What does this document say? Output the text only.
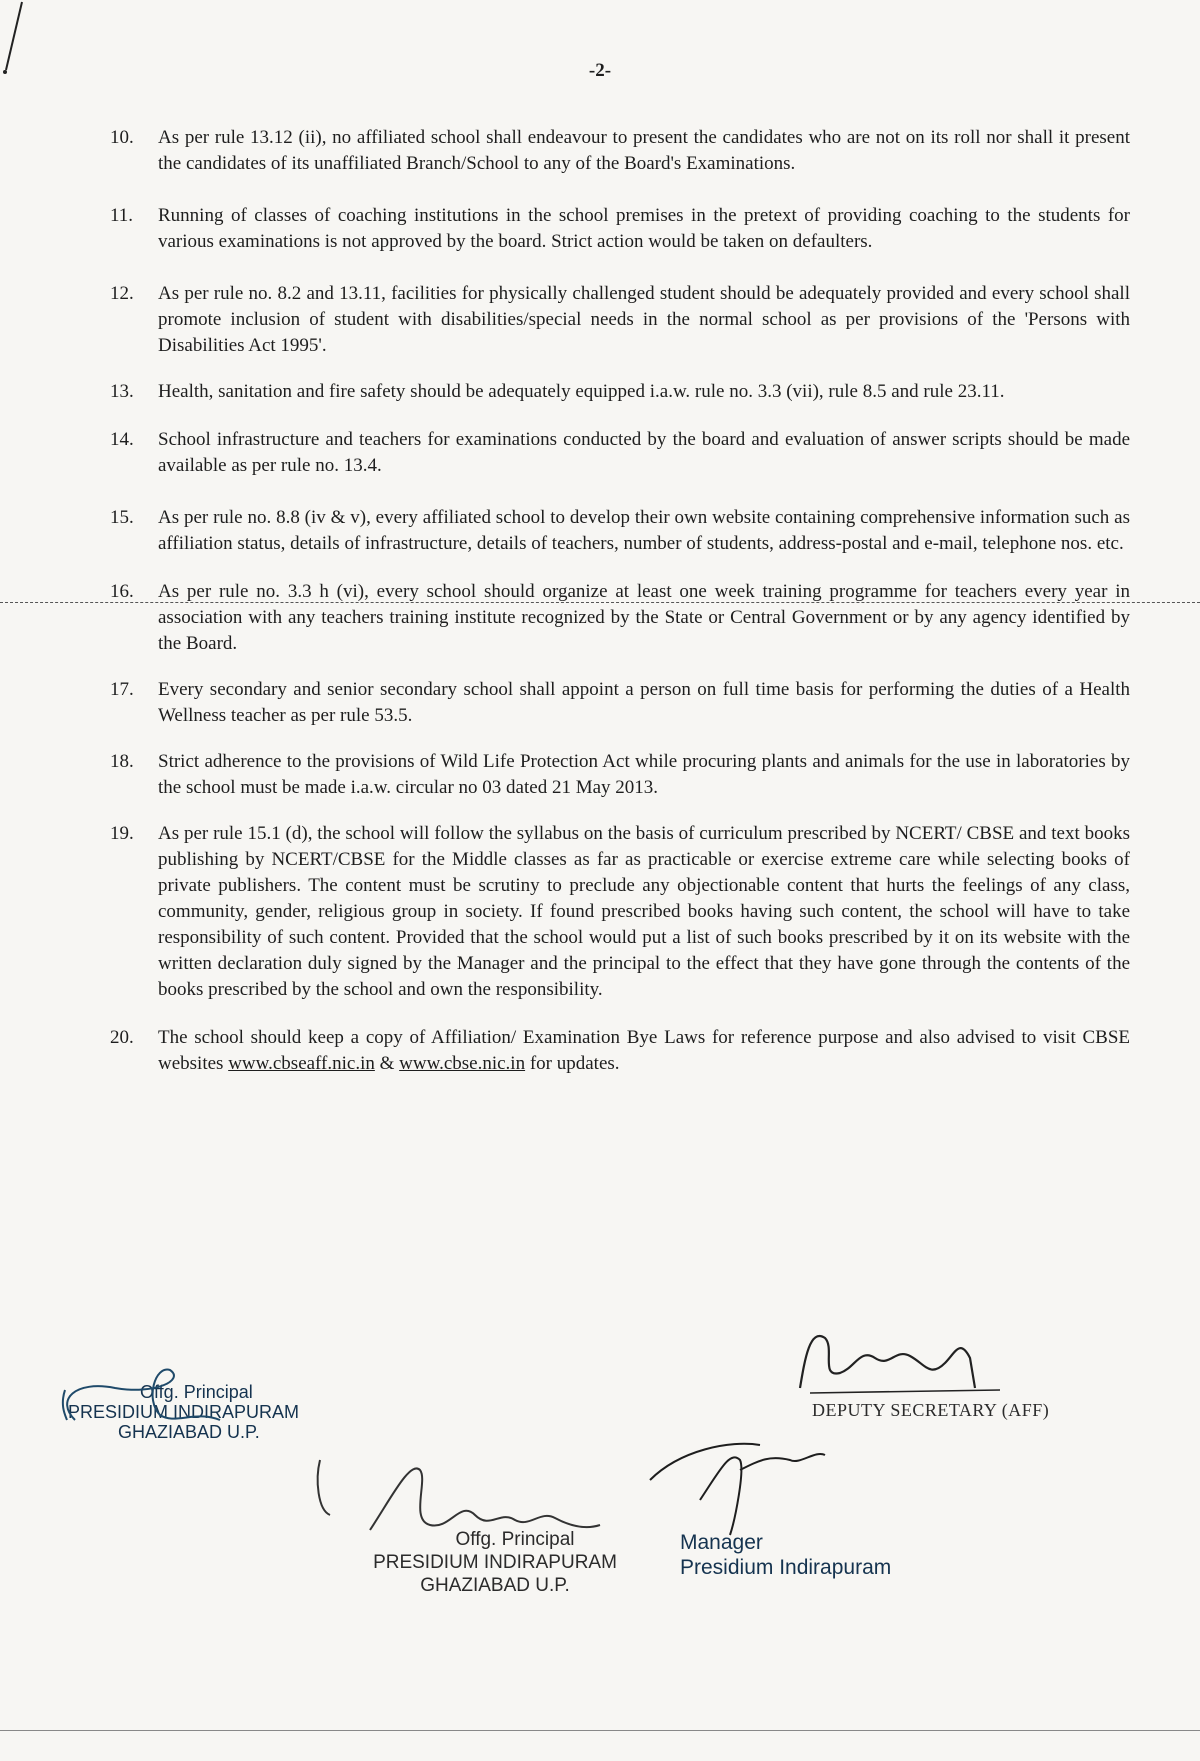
-2-
10.	As per rule 13.12 (ii), no affiliated school shall endeavour to present the candidates who are not on its roll nor shall it present the candidates of its unaffiliated Branch/School to any of the Board's Examinations.
11.	Running of classes of coaching institutions in the school premises in the pretext of providing coaching to the students for various examinations is not approved by the board. Strict action would be taken on defaulters.
12.	As per rule no. 8.2 and 13.11, facilities for physically challenged student should be adequately provided and every school shall promote inclusion of student with disabilities/special needs in the normal school as per provisions of the 'Persons with Disabilities Act 1995'.
13.	Health, sanitation and fire safety should be adequately equipped i.a.w. rule no. 3.3 (vii), rule 8.5 and rule 23.11.
14.	School infrastructure and teachers for examinations conducted by the board and evaluation of answer scripts should be made available as per rule no. 13.4.
15.	As per rule no. 8.8 (iv & v), every affiliated school to develop their own website containing comprehensive information such as affiliation status, details of infrastructure, details of teachers, number of students, address-postal and e-mail, telephone nos. etc.
16.	As per rule no. 3.3 h (vi), every school should organize at least one week training programme for teachers every year in association with any teachers training institute recognized by the State or Central Government or by any agency identified by the Board.
17.	Every secondary and senior secondary school shall appoint a person on full time basis for performing the duties of a Health Wellness teacher as per rule 53.5.
18.	Strict adherence to the provisions of Wild Life Protection Act while procuring plants and animals for the use in laboratories by the school must be made i.a.w. circular no 03 dated 21 May 2013.
19.	As per rule 15.1 (d), the school will follow the syllabus on the basis of curriculum prescribed by NCERT/ CBSE and text books publishing by NCERT/CBSE for the Middle classes as far as practicable or exercise extreme care while selecting books of private publishers. The content must be scrutiny to preclude any objectionable content that hurts the feelings of any class, community, gender, religious group in society. If found prescribed books having such content, the school will have to take responsibility of such content. Provided that the school would put a list of such books prescribed by it on its website with the written declaration duly signed by the Manager and the principal to the effect that they have gone through the contents of the books prescribed by the school and own the responsibility.
20.	The school should keep a copy of Affiliation/ Examination Bye Laws for reference purpose and also advised to visit CBSE websites www.cbseaff.nic.in & www.cbse.nic.in for updates.
Offg. Principal
PRESIDIUM INDIRAPURAM
GHAZIABAD U.P.
DEPUTY SECRETARY (AFF)
Offg. Principal
PRESIDIUM INDIRAPURAM
GHAZIABAD U.P.
Manager
Presidium Indirapuram
